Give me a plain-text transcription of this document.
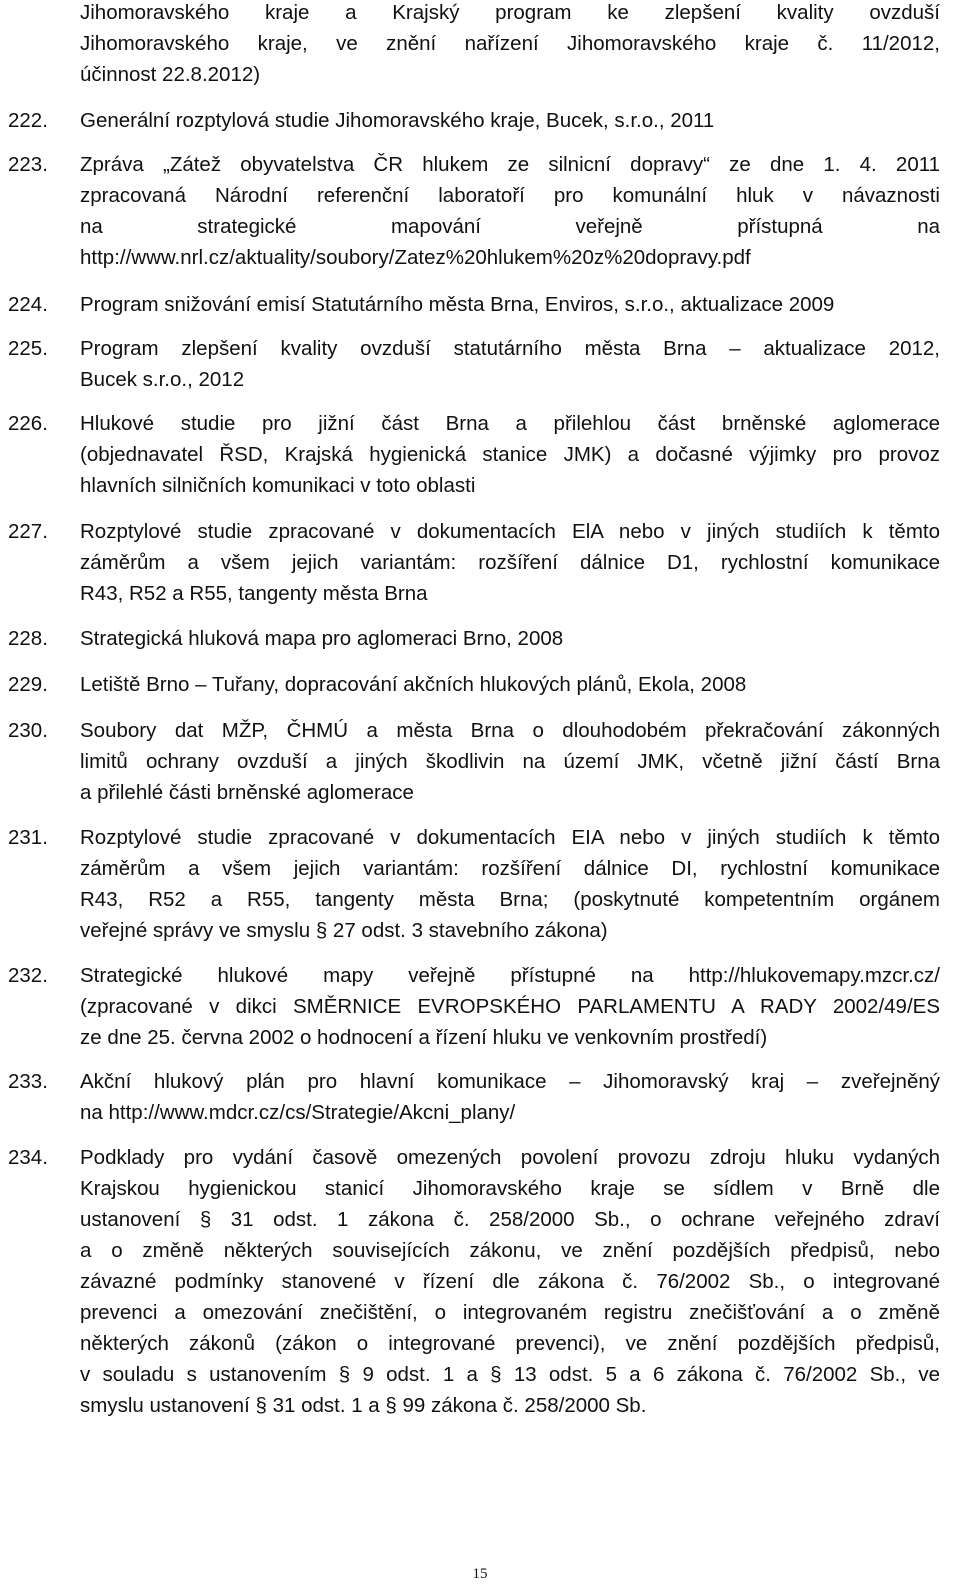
Jihomoravského kraje a Krajský program ke zlepšení kvality ovzduší
Jihomoravského kraje, ve znění nařízení Jihomoravského kraje č. 11/2012,
účinnost 22.8.2012)
222.	Generální rozptylová studie Jihomoravského kraje, Bucek, s.r.o., 2011
223.	Zpráva „Zátež obyvatelstva ČR hlukem ze silnicní dopravy“ ze dne 1. 4. 2011
zpracovaná Národní referenční laboratoří pro komunální hluk v návaznosti
na strategické mapování veřejně přístupná na
http://www.nrl.cz/aktuality/soubory/Zatez%20hlukem%20z%20dopravy.pdf
224.	Program snižování emisí Statutárního města Brna, Enviros, s.r.o., aktualizace 2009
225.	Program zlepšení kvality ovzduší statutárního města Brna – aktualizace 2012,
Bucek s.r.o., 2012
226.	Hlukové studie pro jižní část Brna a přilehlou část brněnské aglomerace
(objednavatel ŘSD, Krajská hygienická stanice JMK) a dočasné výjimky pro provoz
hlavních silničních komunikaci v toto oblasti
227.	Rozptylové studie zpracované v dokumentacích ElA nebo v jiných studiích k těmto
záměrům a všem jejich variantám: rozšíření dálnice D1, rychlostní komunikace
R43, R52 a R55, tangenty města Brna
228.	Strategická hluková mapa pro aglomeraci Brno, 2008
229.	Letiště Brno – Tuřany, dopracování akčních hlukových plánů, Ekola, 2008
230.	Soubory dat MŽP, ČHMÚ a města Brna o dlouhodobém překračování zákonných
limitů ochrany ovzduší a jiných škodlivin na území JMK, včetně jižní částí Brna
a přilehlé části brněnské aglomerace
231.	Rozptylové studie zpracované v dokumentacích EIA nebo v jiných studiích k těmto
záměrům a všem jejich variantám: rozšíření dálnice DI, rychlostní komunikace
R43, R52 a R55, tangenty města Brna; (poskytnuté kompetentním orgánem
veřejné správy ve smyslu § 27 odst. 3 stavebního zákona)
232.	Strategické hlukové mapy veřejně přístupné na http://hlukovemapy.mzcr.cz/
(zpracované v dikci SMĚRNICE EVROPSKÉHO PARLAMENTU A RADY 2002/49/ES
ze dne 25. června 2002 o hodnocení a řízení hluku ve venkovním prostředí)
233.	Akční hlukový plán pro hlavní komunikace – Jihomoravský kraj – zveřejněný
na http://www.mdcr.cz/cs/Strategie/Akcni_plany/
234.	Podklady pro vydání časově omezených povolení provozu zdroju hluku vydaných
Krajskou hygienickou stanicí Jihomoravského kraje se sídlem v Brně dle
ustanovení § 31 odst. 1 zákona č. 258/2000 Sb., o ochrane veřejného zdraví
a o změně některých souvisejících zákonu, ve znění pozdějších předpisů, nebo
závazné podmínky stanovené v řízení dle zákona č. 76/2002 Sb., o integrované
prevenci a omezování znečištění, o integrovaném registru znečišťování a o změně
některých zákonů (zákon o integrované prevenci), ve znění pozdějších předpisů,
v souladu s ustanovením § 9 odst. 1 a § 13 odst. 5 a 6 zákona č. 76/2002 Sb., ve
smyslu ustanovení § 31 odst. 1 a § 99 zákona č. 258/2000 Sb.
15
